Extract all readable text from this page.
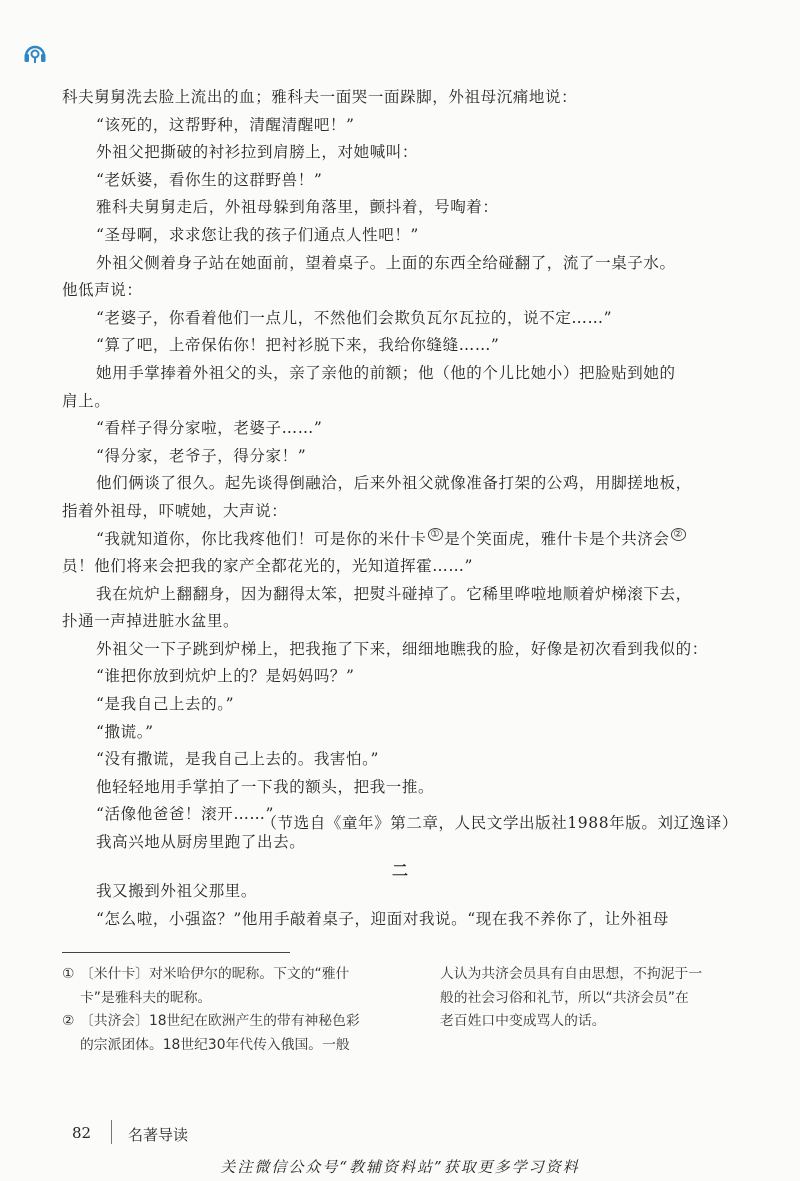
科夫舅舅洗去脸上流出的血；雅科夫一面哭一面跺脚，外祖母沉痛地说：

“该死的，这帮野种，清醒清醒吧！”

外祖父把撕破的衬衫拉到肩膀上，对她喊叫：

“老妖婆，看你生的这群野兽！”

雅科夫舅舅走后，外祖母躲到角落里，颤抖着，号啕着：

“圣母啊，求求您让我的孩子们通点人性吧！”

外祖父侧着身子站在她面前，望着桌子。上面的东西全给碰翻了，流了一桌子水。

他低声说：

“老婆子，你看着他们一点儿，不然他们会欺负瓦尔瓦拉的，说不定……”

“算了吧，上帝保佑你！把衬衫脱下来，我给你缝缝……”

她用手掌捧着外祖父的头，亲了亲他的前额；他（他的个儿比她小）把脸贴到她的

肩上。

“看样子得分家啦，老婆子……”

“得分家，老爷子，得分家！”

他们俩谈了很久。起先谈得倒融洽，后来外祖父就像准备打架的公鸡，用脚搓地板，

指着外祖母，吓唬她，大声说：

“我就知道你，你比我疼他们！可是你的米什卡 ① 是个笑面虎，雅什卡是个共济会 ②

员！他们将来会把我的家产全都花光的，光知道挥霍……”

我在炕炉上翻翻身，因为翻得太笨，把熨斗碰掉了。它稀里哗啦地顺着炉梯滚下去，

扑通一声掉进脏水盆里。

外祖父一下子跳到炉梯上，把我拖了下来，细细地瞧我的脸，好像是初次看到我似的：

“谁把你放到炕炉上的？是妈妈吗？”

“是我自己上去的。”

“撒谎。”

“没有撒谎，是我自己上去的。我害怕。”

他轻轻地用手掌拍了一下我的额头，把我一推。

“活像他爸爸！滚开……”

我高兴地从厨房里跑了出去。

（节选自《童年》第二章，人民文学出版社1988年版。刘辽逸译）
二

我又搬到外祖父那里。

“怎么啦，小强盗？”他用手敲着桌子，迎面对我说。“现在我不养你了，让外祖母

① 〔米什卡〕对米哈伊尔的昵称。下文的“雅什

卡”是雅科夫的昵称。

② 〔共济会〕18世纪在欧洲产生的带有神秘色彩

的宗派团体。18世纪30年代传入俄国。一般

人认为共济会员具有自由思想，不拘泥于一

般的社会习俗和礼节，所以“共济会员”在

老百姓口中变成骂人的话。

82 名著导读
关注微信公众号“教辅资料站”获取更多学习资料
